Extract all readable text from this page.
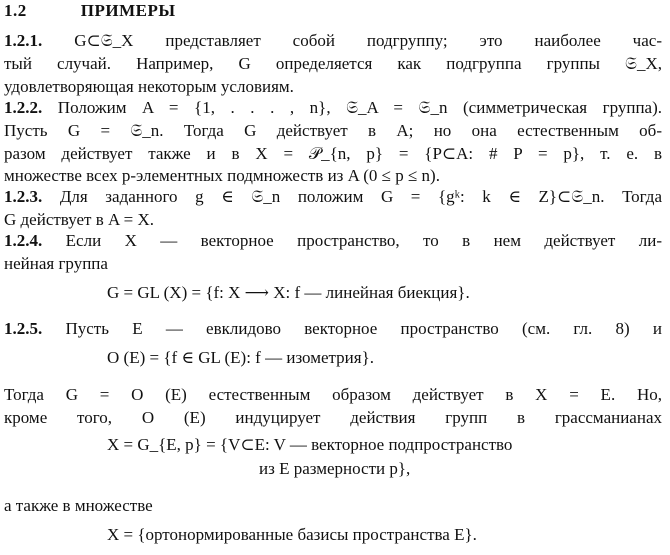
1.2	ПРИМЕРЫ
1.2.1. G⊂𝔖_X представляет собой подгруппу; это наиболее час-
тый случай. Например, G определяется как подгруппа группы 𝔖_X,
удовлетворяющая некоторым условиям.
1.2.2. Положим A = {1, . . . , n}, 𝔖_A = 𝔖_n (симметрическая группа).
Пусть G = 𝔖_n. Тогда G действует в A; но она естественным об-
разом действует также и в X = 𝒫_{n, p} = {P⊂A: # P = p}, т. е. в
множестве всех p-элементных подмножеств из A (0 ≤ p ≤ n).
1.2.3. Для заданного g ∈ 𝔖_n положим G = {gᵏ: k ∈ Z}⊂𝔖_n. Тогда
G действует в A = X.
1.2.4. Если X — векторное пространство, то в нем действует ли-
нейная группа
G = GL (X) = {f: X ⟶ X: f — линейная биекция}.
1.2.5. Пусть E — евклидово векторное пространство (см. гл. 8) и
O (E) = {f ∈ GL (E): f — изометрия}.
Тогда G = O (E) естественным образом действует в X = E. Но,
кроме того, O (E) индуцирует действия групп в грассманианах
X = G_{E, p} = {V⊂E: V — векторное подпространство
из E размерности p},
а также в множестве
X = {ортонормированные базисы пространства E}.
